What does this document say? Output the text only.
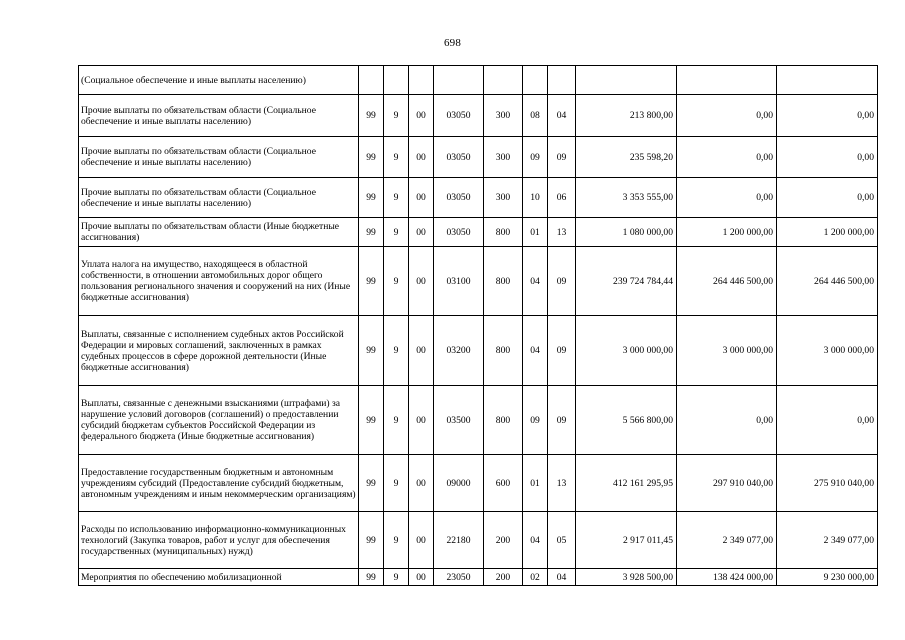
698
(Социальное обеспечение и иные выплаты населению)										
Прочие выплаты по обязательствам области (Социальное обеспечение и иные выплаты населению)	99	9	00	03050	300	08	04	213 800,00	0,00	0,00
Прочие выплаты по обязательствам области (Социальное обеспечение и иные выплаты населению)	99	9	00	03050	300	09	09	235 598,20	0,00	0,00
Прочие выплаты по обязательствам области (Социальное обеспечение и иные выплаты населению)	99	9	00	03050	300	10	06	3 353 555,00	0,00	0,00
Прочие выплаты по обязательствам области (Иные бюджетные ассигнования)	99	9	00	03050	800	01	13	1 080 000,00	1 200 000,00	1 200 000,00
Уплата налога на имущество, находящееся в областной собственности, в отношении автомобильных дорог общего пользования регионального значения и сооружений на них (Иные бюджетные ассигнования)	99	9	00	03100	800	04	09	239 724 784,44	264 446 500,00	264 446 500,00
Выплаты, связанные с исполнением судебных актов Российской Федерации и мировых соглашений, заключенных в рамках судебных процессов в сфере дорожной деятельности (Иные бюджетные ассигнования)	99	9	00	03200	800	04	09	3 000 000,00	3 000 000,00	3 000 000,00
Выплаты, связанные с денежными взысканиями (штрафами) за нарушение условий договоров (соглашений) о предоставлении субсидий бюджетам субъектов Российской Федерации из федерального бюджета (Иные бюджетные ассигнования)	99	9	00	03500	800	09	09	5 566 800,00	0,00	0,00
Предоставление государственным бюджетным и автономным учреждениям субсидий (Предоставление субсидий бюджетным, автономным учреждениям и иным некоммерческим организациям)	99	9	00	09000	600	01	13	412 161 295,95	297 910 040,00	275 910 040,00
Расходы по использованию информационно-коммуникационных технологий (Закупка товаров, работ и услуг для обеспечения государственных (муниципальных) нужд)	99	9	00	22180	200	04	05	2 917 011,45	2 349 077,00	2 349 077,00
Мероприятия по обеспечению мобилизационной	99	9	00	23050	200	02	04	3 928 500,00	138 424 000,00	9 230 000,00
